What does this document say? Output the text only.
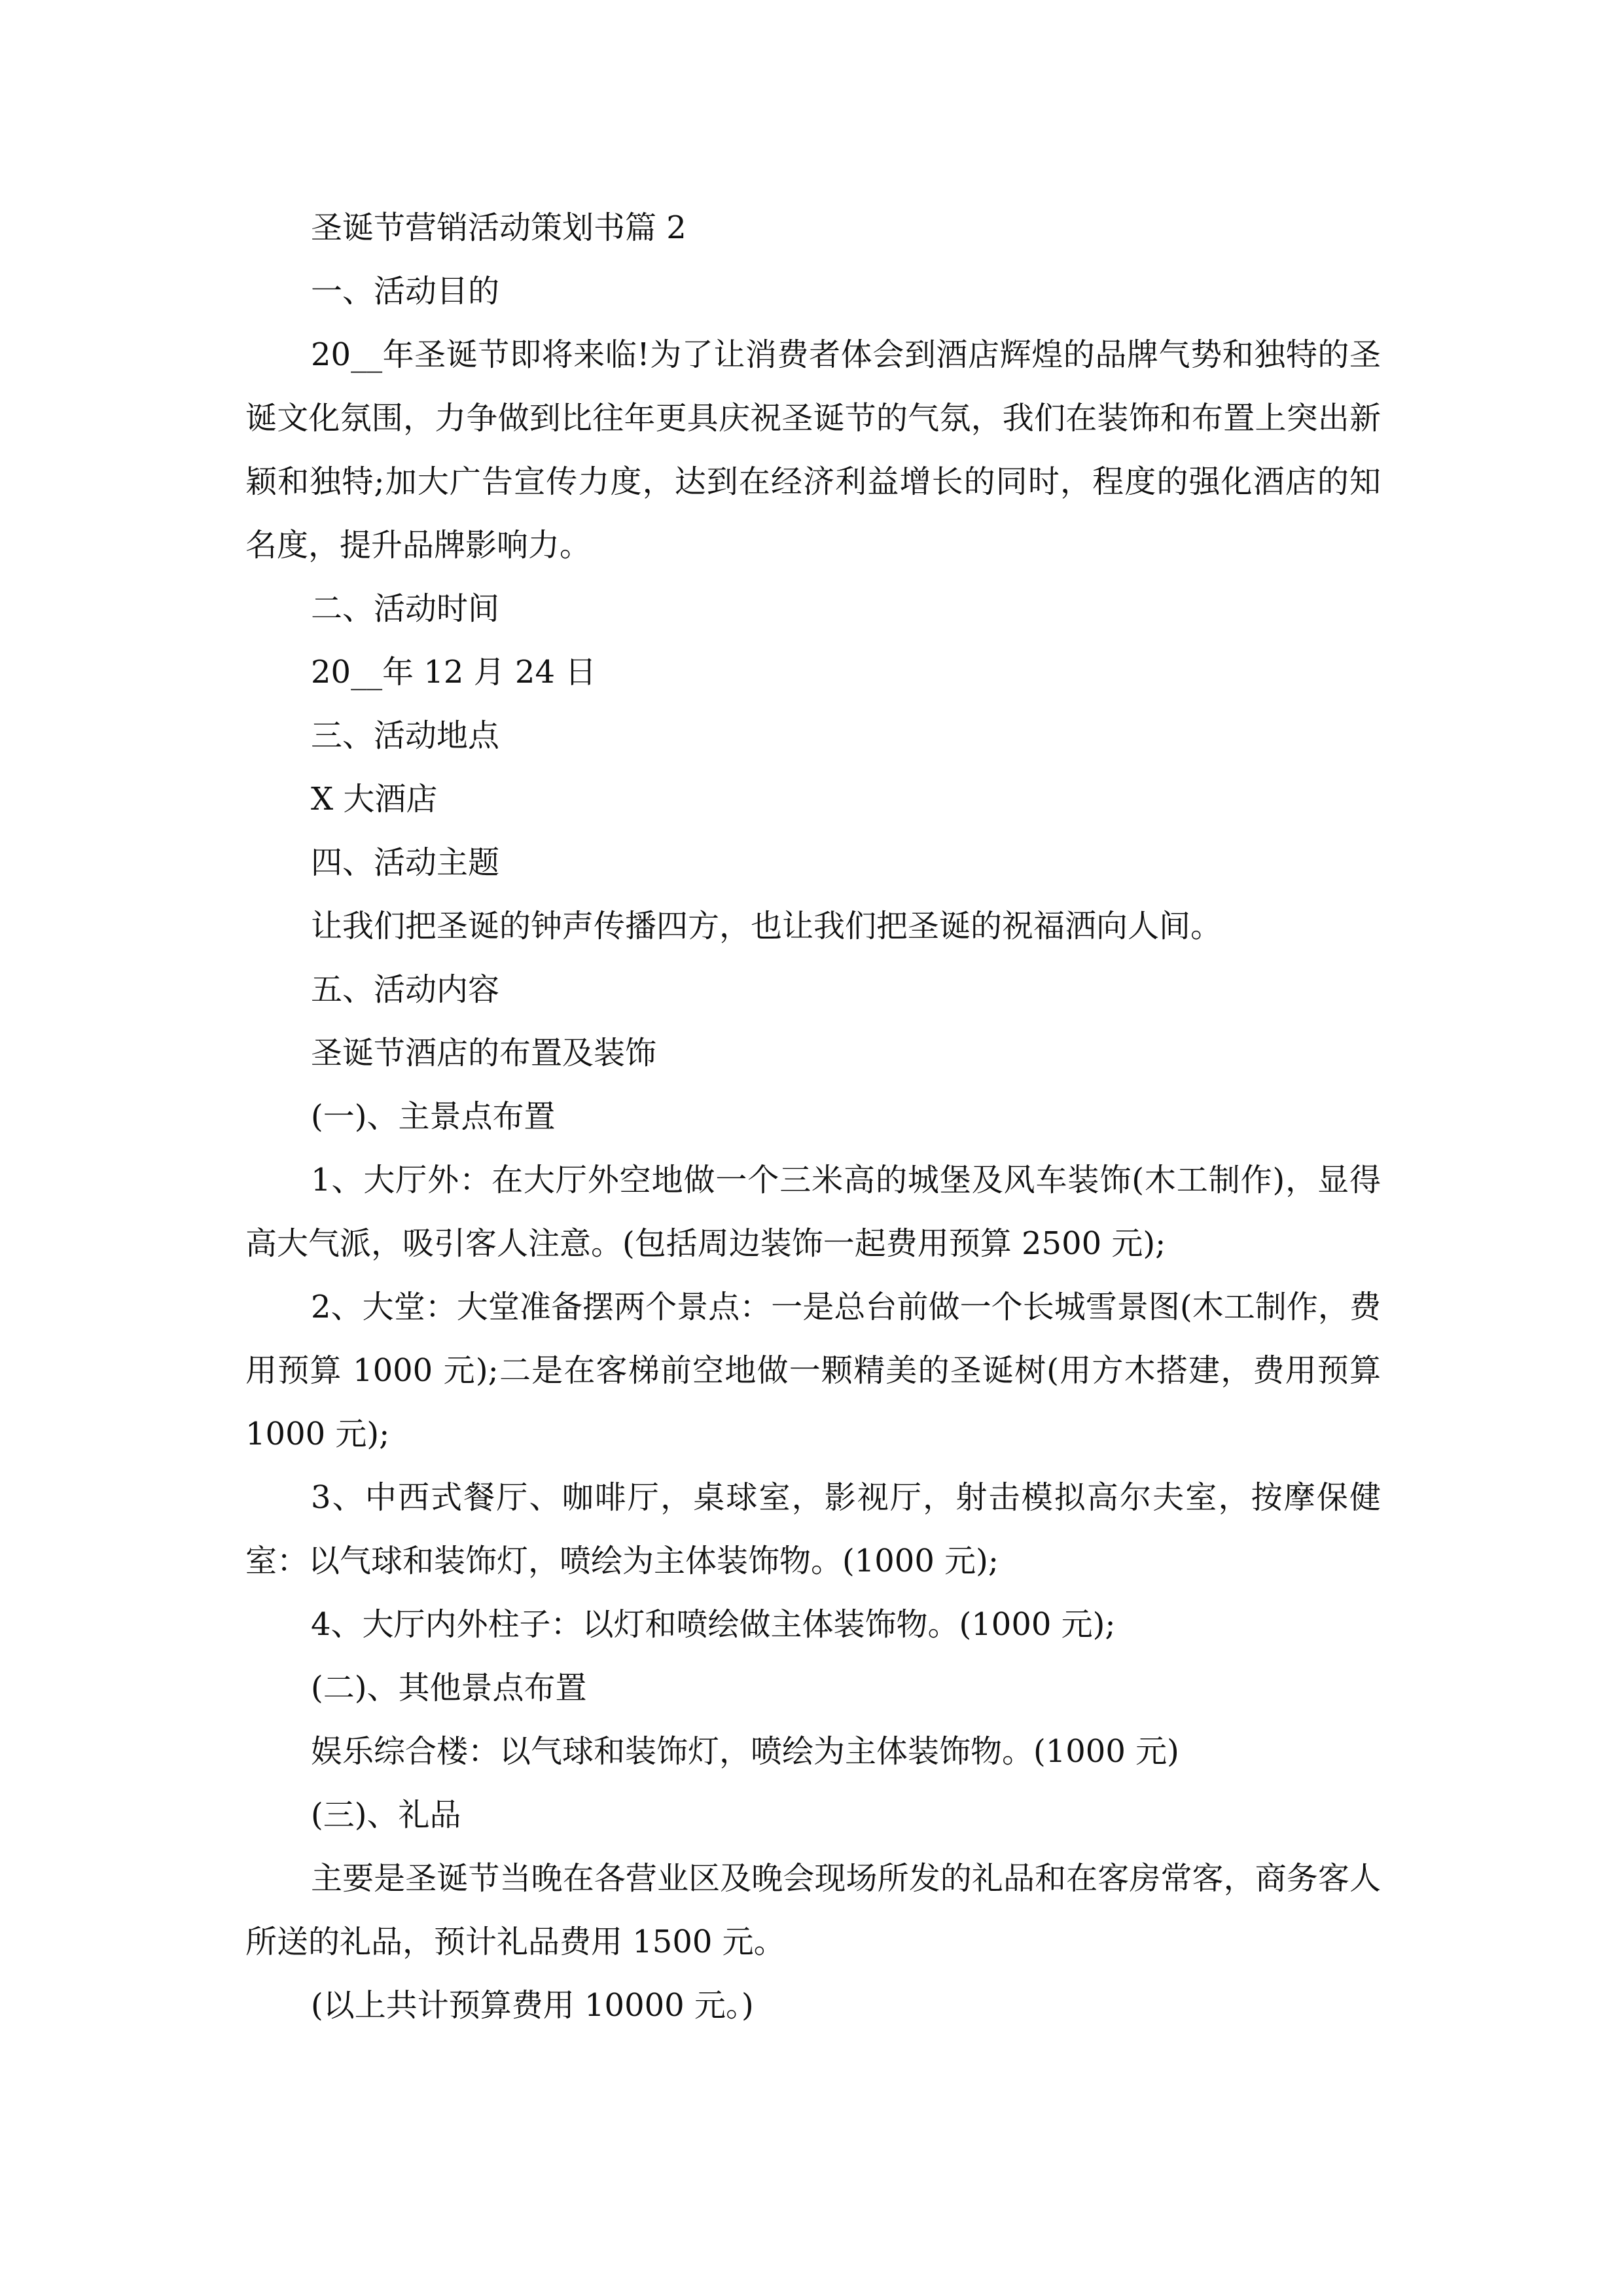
圣诞节营销活动策划书篇 2

一、活动目的

20__年圣诞节即将来临!为了让消费者体会到酒店辉煌的品牌气势和独特的圣诞文化氛围，力争做到比往年更具庆祝圣诞节的气氛，我们在装饰和布置上突出新颖和独特;加大广告宣传力度，达到在经济利益增长的同时，程度的强化酒店的知名度，提升品牌影响力。

二、活动时间

20__年 12 月 24 日

三、活动地点

X 大酒店

四、活动主题

让我们把圣诞的钟声传播四方，也让我们把圣诞的祝福洒向人间。

五、活动内容

圣诞节酒店的布置及装饰

(一)、主景点布置

1、大厅外：在大厅外空地做一个三米高的城堡及风车装饰(木工制作)，显得高大气派，吸引客人注意。(包括周边装饰一起费用预算 2500 元);

2、大堂：大堂准备摆两个景点：一是总台前做一个长城雪景图(木工制作，费用预算 1000 元);二是在客梯前空地做一颗精美的圣诞树(用方木搭建，费用预算 1000 元);

3、中西式餐厅、咖啡厅，桌球室，影视厅，射击模拟高尔夫室，按摩保健室：以气球和装饰灯，喷绘为主体装饰物。(1000 元);

4、大厅内外柱子：以灯和喷绘做主体装饰物。(1000 元);

(二)、其他景点布置

娱乐综合楼：以气球和装饰灯，喷绘为主体装饰物。(1000 元)

(三)、礼品

主要是圣诞节当晚在各营业区及晚会现场所发的礼品和在客房常客，商务客人所送的礼品，预计礼品费用 1500 元。

(以上共计预算费用 10000 元。)
